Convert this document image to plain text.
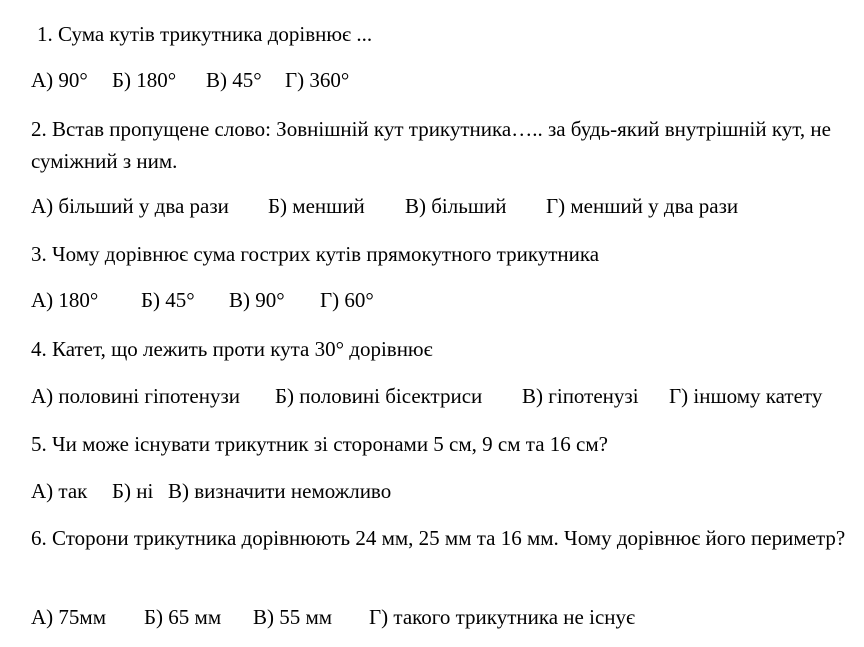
1. Сума кутів трикутника дорівнює ...
А) 90° Б) 180° В) 45° Г) 360°
2. Встав пропущене слово: Зовнішній кут трикутника….. за будь-який внутрішній кут, не суміжний з ним.
А) більший у два рази Б) менший В) більший Г) менший у два рази
3. Чому дорівнює сума гострих кутів прямокутного трикутника
А) 180° Б) 45° В) 90° Г) 60°
4. Катет, що лежить проти кута 30° дорівнює
А) половині гіпотенузи Б) половині бісектриси В) гіпотенузі Г) іншому катету
5. Чи може існувати трикутник зі сторонами 5 см, 9 см та 16 см?
А) так Б) ні В) визначити неможливо
6. Сторони трикутника дорівнюють 24 мм, 25 мм та 16 мм. Чому дорівнює його периметр?
А) 75мм Б) 65 мм В) 55 мм Г) такого трикутника не існує
